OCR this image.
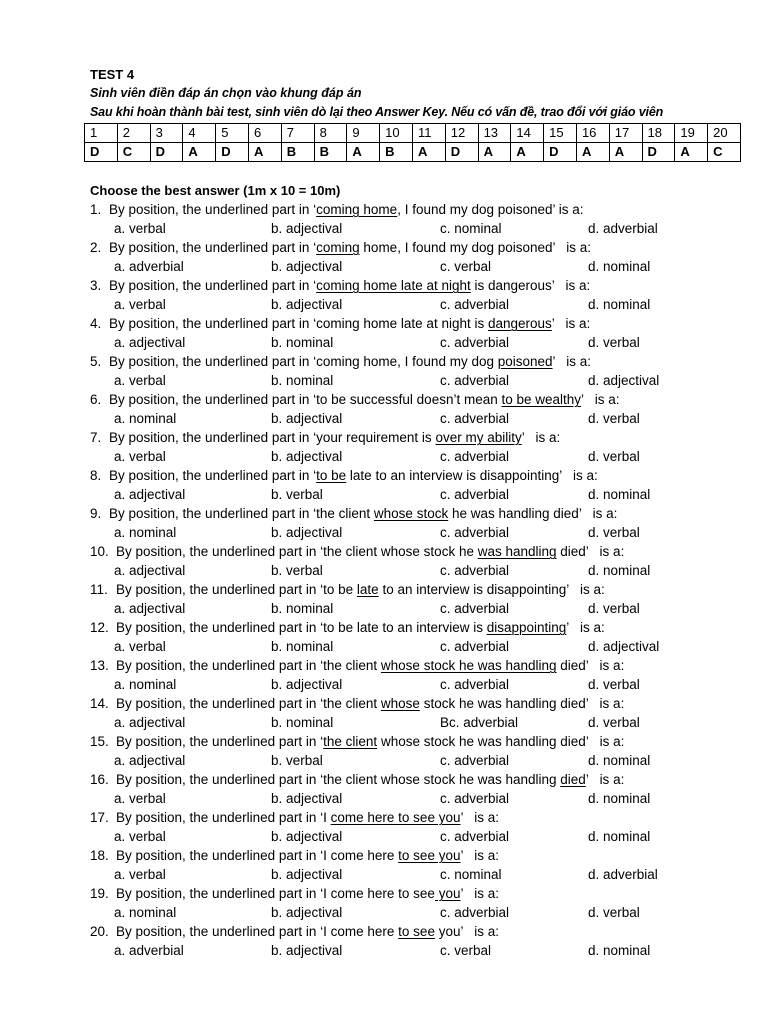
TEST 4
Sinh viên điền đáp án chọn vào khung đáp án
Sau khi hoàn thành bài test, sinh viên dò lại theo Answer Key. Nếu có vấn đề, trao đổi với giáo viên
1	2	3	4	5	6	7	8	9	10	11	12	13	14	15	16	17	18	19	20
D	C	D	A	D	A	B	B	A	B	A	D	A	A	D	A	A	D	A	C
Choose the best answer (1m x 10 = 10m)
1. By position, the underlined part in ‘coming home, I found my dog poisoned’ is a:
a. verbal	b. adjectival	c. nominal	d. adverbial
2. By position, the underlined part in ‘coming home, I found my dog poisoned’   is a:
a. adverbial	b. adjectival	c. verbal	d. nominal
3. By position, the underlined part in ‘coming home late at night is dangerous’   is a:
a. verbal	b. adjectival	c. adverbial	d. nominal
4. By position, the underlined part in ‘coming home late at night is dangerous’   is a:
a. adjectival	b. nominal	c. adverbial	d. verbal
5. By position, the underlined part in ‘coming home, I found my dog poisoned’   is a:
a. verbal	b. nominal	c. adverbial	d. adjectival
6. By position, the underlined part in ‘to be successful doesn’t mean to be wealthy’   is a:
a. nominal	b. adjectival	c. adverbial	d. verbal
7. By position, the underlined part in ‘your requirement is over my ability’   is a:
a. verbal	b. adjectival	c. adverbial	d. verbal
8. By position, the underlined part in ‘to be late to an interview is disappointing’   is a:
a. adjectival	b. verbal	c. adverbial	d. nominal
9. By position, the underlined part in ‘the client whose stock he was handling died’   is a:
a. nominal	b. adjectival	c. adverbial	d. verbal
10. By position, the underlined part in ‘the client whose stock he was handling died’   is a:
a. adjectival	b. verbal	c. adverbial	d. nominal
11. By position, the underlined part in ‘to be late to an interview is disappointing’   is a:
a. adjectival	b. nominal	c. adverbial	d. verbal
12. By position, the underlined part in ‘to be late to an interview is disappointing’   is a:
a. verbal	b. nominal	c. adverbial	d. adjectival
13. By position, the underlined part in ‘the client whose stock he was handling died’   is a:
a. nominal	b. adjectival	c. adverbial	d. verbal
14. By position, the underlined part in ‘the client whose stock he was handling died’   is a:
a. adjectival	b. nominal	Bc. adverbial	d. verbal
15. By position, the underlined part in ‘the client whose stock he was handling died’   is a:
a. adjectival	b. verbal	c. adverbial	d. nominal
16. By position, the underlined part in ‘the client whose stock he was handling died’   is a:
a. verbal	b. adjectival	c. adverbial	d. nominal
17. By position, the underlined part in ‘I come here to see you’   is a:
a. verbal	b. adjectival	c. adverbial	d. nominal
18. By position, the underlined part in ‘I come here to see you’   is a:
a. verbal	b. adjectival	c. nominal	d. adverbial
19. By position, the underlined part in ‘I come here to see you’   is a:
a. nominal	b. adjectival	c. adverbial	d. verbal
20. By position, the underlined part in ‘I come here to see you’   is a:
a. adverbial	b. adjectival	c. verbal	d. nominal
